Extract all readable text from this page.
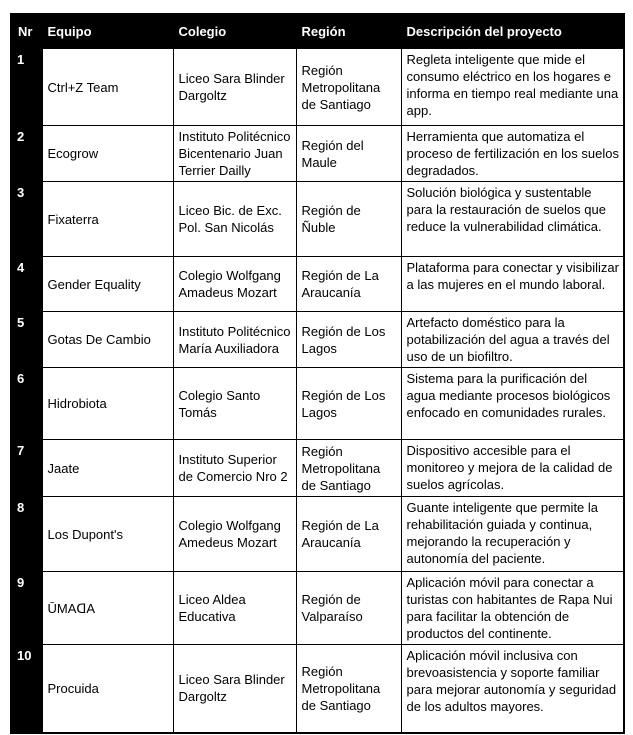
Nr	Equipo	Colegio	Región	Descripción del proyecto
1	Ctrl+Z Team	Liceo Sara Blinder Dargoltz	Región Metropolitana de Santiago	Regleta inteligente que mide el consumo eléctrico en los hogares e informa en tiempo real mediante una app.
2	Ecogrow	Instituto Politécnico Bicentenario Juan Terrier Dailly	Región del Maule	Herramienta que automatiza el proceso de fertilización en los suelos degradados.
3	Fixaterra	Liceo Bic. de Exc. Pol. San Nicolás	Región de Ñuble	Solución biológica y sustentable para la restauración de suelos que reduce la vulnerabilidad climática.
4	Gender Equality	Colegio Wolfgang Amadeus Mozart	Región de La Araucanía	Plataforma para conectar y visibilizar a las mujeres en el mundo laboral.
5	Gotas De Cambio	Instituto Politécnico María Auxiliadora	Región de Los Lagos	Artefacto doméstico para la potabilización del agua a través del uso de un biofiltro.
6	Hidrobiota	Colegio Santo Tomás	Región de Los Lagos	Sistema para la purificación del agua mediante procesos biológicos enfocado en comunidades rurales.
7	Jaate	Instituto Superior de Comercio Nro 2	Región Metropolitana de Santiago	Dispositivo accesible para el monitoreo y mejora de la calidad de suelos agrícolas.
8	Los Dupont's	Colegio Wolfgang Amedeus Mozart	Región de La Araucanía	Guante inteligente que permite la rehabilitación guiada y continua, mejorando la recuperación y autonomía del paciente.
9	ŪMAᗡA	Liceo Aldea Educativa	Región de Valparaíso	Aplicación móvil para conectar a turistas con habitantes de Rapa Nui para facilitar la obtención de productos del continente.
10	Procuida	Liceo Sara Blinder Dargoltz	Región Metropolitana de Santiago	Aplicación móvil inclusiva con brevoasistencia y soporte familiar para mejorar autonomía y seguridad de los adultos mayores.
